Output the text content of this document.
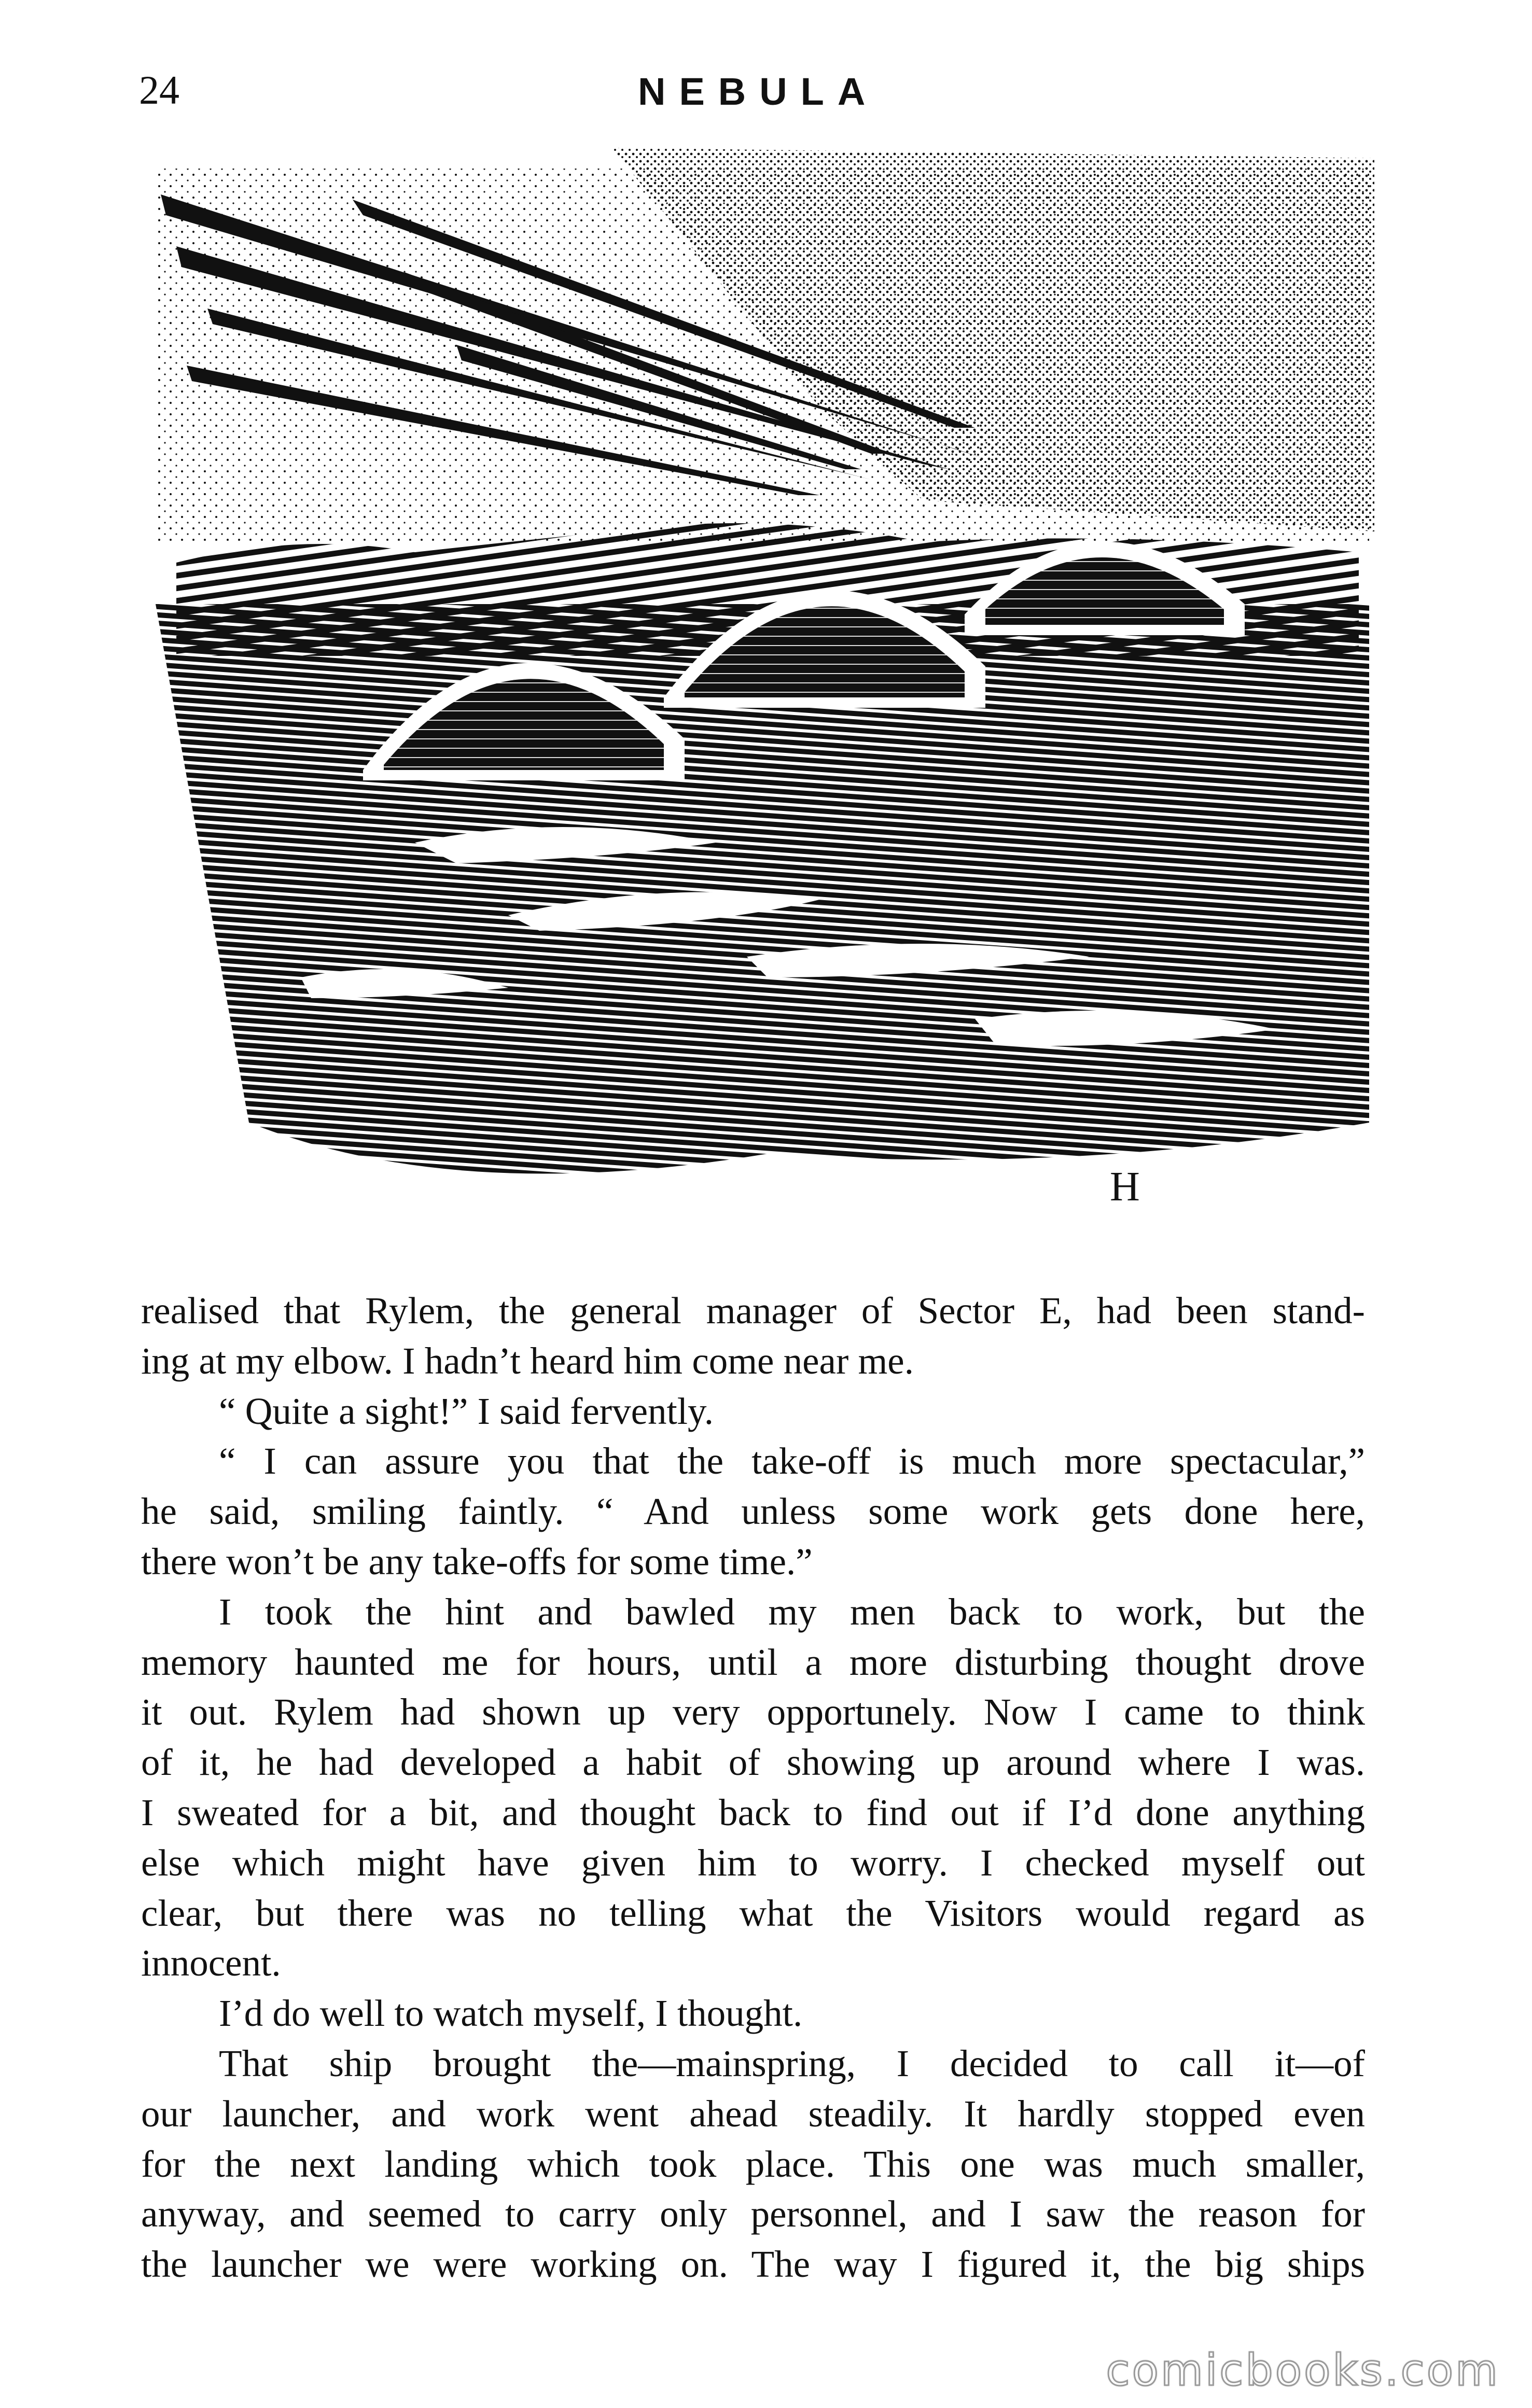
24	NEBULA
H

realised that Rylem, the general manager of Sector E, had been stand-
ing at my elbow. I hadn’t heard him come near me.

“ Quite a sight!” I said fervently.

“ I can assure you that the take-off is much more spectacular,”
he said, smiling faintly. “ And unless some work gets done here,
there won’t be any take-offs for some time.”

I took the hint and bawled my men back to work, but the
memory haunted me for hours, until a more disturbing thought drove
it out. Rylem had shown up very opportunely. Now I came to think
of it, he had developed a habit of showing up around where I was.
I sweated for a bit, and thought back to find out if I’d done anything
else which might have given him to worry. I checked myself out
clear, but there was no telling what the Visitors would regard as
innocent.

I’d do well to watch myself, I thought.

That ship brought the—mainspring, I decided to call it—of
our launcher, and work went ahead steadily. It hardly stopped even
for the next landing which took place. This one was much smaller,
anyway, and seemed to carry only personnel, and I saw the reason for
the launcher we were working on. The way I figured it, the big ships

comicbooks.com
